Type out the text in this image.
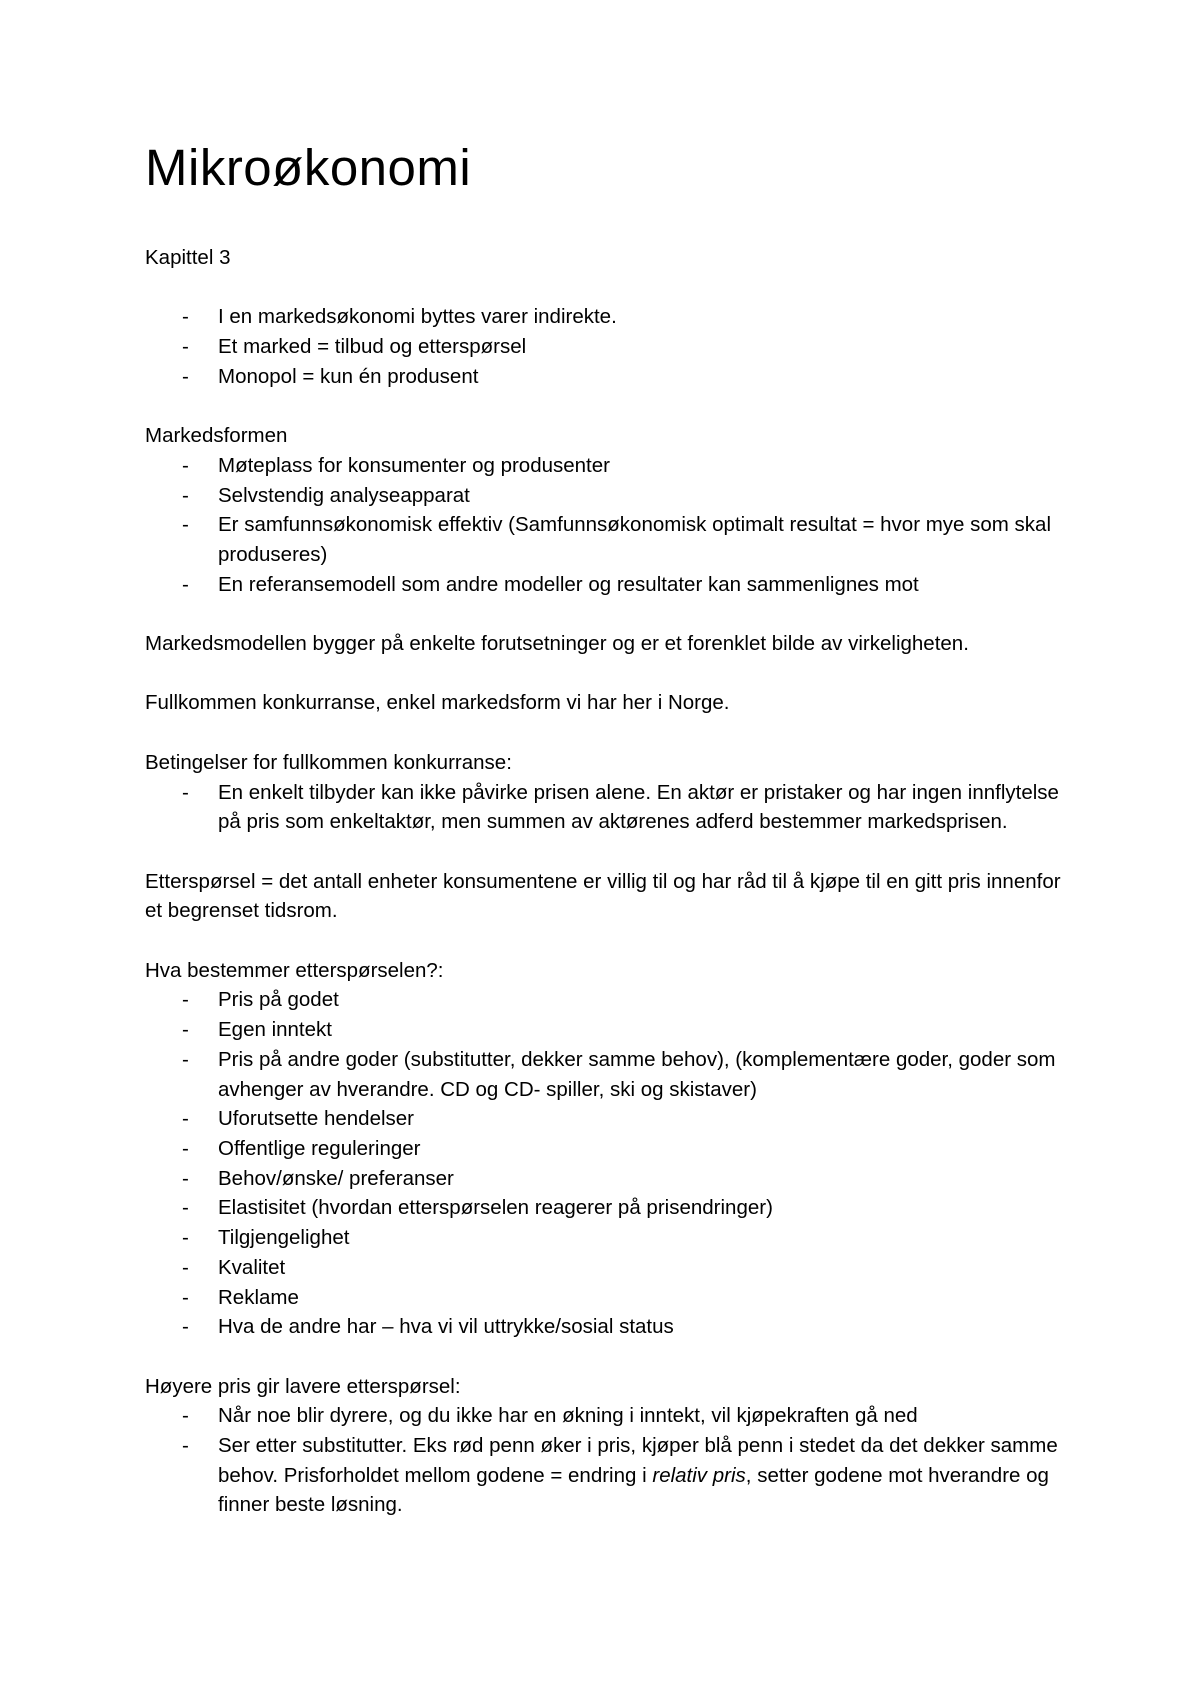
Mikroøkonomi

Kapittel 3

- I en markedsøkonomi byttes varer indirekte.
- Et marked = tilbud og etterspørsel
- Monopol = kun én produsent

Markedsformen

- Møteplass for konsumenter og produsenter
- Selvstendig analyseapparat
- Er samfunnsøkonomisk effektiv (Samfunnsøkonomisk optimalt resultat = hvor mye som skal produseres)
- En referansemodell som andre modeller og resultater kan sammenlignes mot

Markedsmodellen bygger på enkelte forutsetninger og er et forenklet bilde av virkeligheten.

Fullkommen konkurranse, enkel markedsform vi har her i Norge.

Betingelser for fullkommen konkurranse:

- En enkelt tilbyder kan ikke påvirke prisen alene. En aktør er pristaker og har ingen innflytelse på pris som enkeltaktør, men summen av aktørenes adferd bestemmer markedsprisen.

Etterspørsel = det antall enheter konsumentene er villig til og har råd til å kjøpe til en gitt pris innenfor et begrenset tidsrom.

Hva bestemmer etterspørselen?:

- Pris på godet
- Egen inntekt
- Pris på andre goder (substitutter, dekker samme behov), (komplementære goder, goder som avhenger av hverandre. CD og CD- spiller, ski og skistaver)
- Uforutsette hendelser
- Offentlige reguleringer
- Behov/ønske/ preferanser
- Elastisitet (hvordan etterspørselen reagerer på prisendringer)
- Tilgjengelighet
- Kvalitet
- Reklame
- Hva de andre har – hva vi vil uttrykke/sosial status

Høyere pris gir lavere etterspørsel:

- Når noe blir dyrere, og du ikke har en økning i inntekt, vil kjøpekraften gå ned
- Ser etter substitutter. Eks rød penn øker i pris, kjøper blå penn i stedet da det dekker samme behov. Prisforholdet mellom godene = endring i relativ pris, setter godene mot hverandre og finner beste løsning.
